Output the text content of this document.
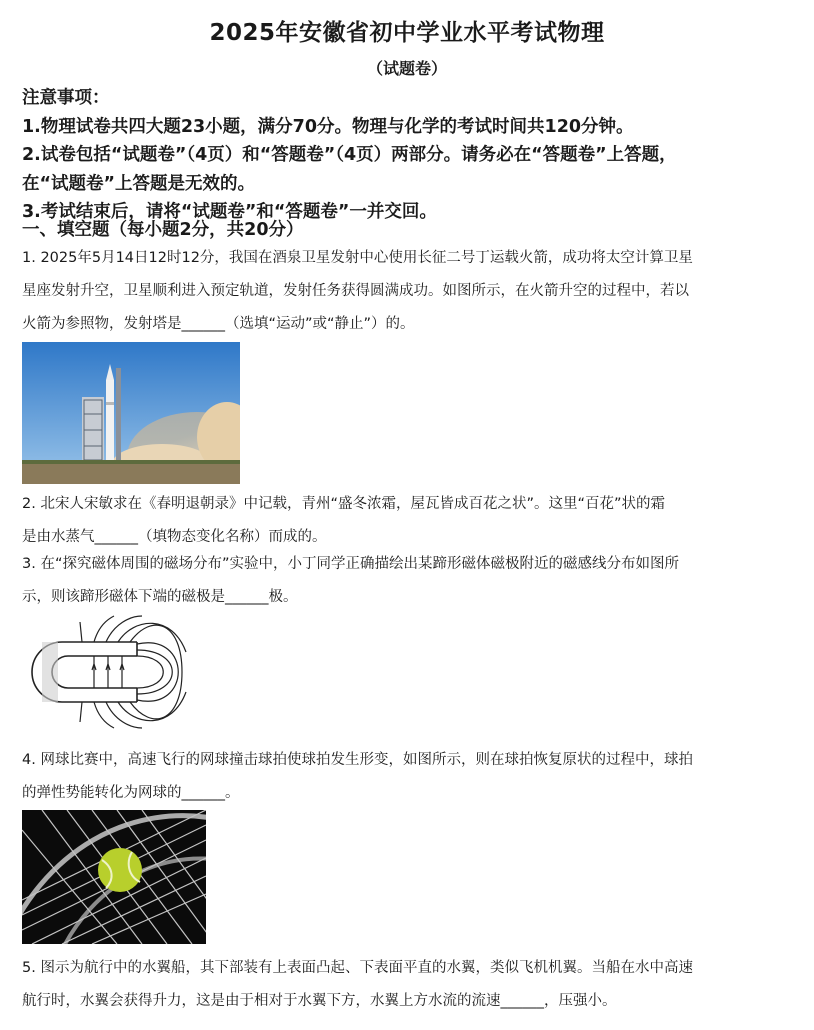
2025年安徽省初中学业水平考试物理
（试题卷）
注意事项：
1.物理试卷共四大题23小题，满分70分。物理与化学的考试时间共120分钟。
2.试卷包括“试题卷”（4页）和“答题卷”（4页）两部分。请务必在“答题卷”上答题，
在“试题卷”上答题是无效的。
3.考试结束后，请将“试题卷”和“答题卷”一并交回。
一、填空题（每小题2分，共20分）

1. 2025年5月14日12时12分，我国在酒泉卫星发射中心使用长征二号丁运载火箭，成功将太空计算卫星

星座发射升空，卫星顺利进入预定轨道，发射任务获得圆满成功。如图所示，在火箭升空的过程中，若以

火箭为参照物，发射塔是______（选填“运动”或“静止”）的。

2. 北宋人宋敏求在《春明退朝录》中记载，青州“盛冬浓霜，屋瓦皆成百花之状”。这里“百花”状的霜

是由水蒸气______（填物态变化名称）而成的。

3. 在“探究磁体周围的磁场分布”实验中，小丁同学正确描绘出某蹄形磁体磁极附近的磁感线分布如图所

示，则该蹄形磁体下端的磁极是______极。

4. 网球比赛中，高速飞行的网球撞击球拍使球拍发生形变，如图所示，则在球拍恢复原状的过程中，球拍

的弹性势能转化为网球的______。

5. 图示为航行中的水翼船，其下部装有上表面凸起、下表面平直的水翼，类似飞机机翼。当船在水中高速

航行时，水翼会获得升力，这是由于相对于水翼下方，水翼上方水流的流速______，压强小。
